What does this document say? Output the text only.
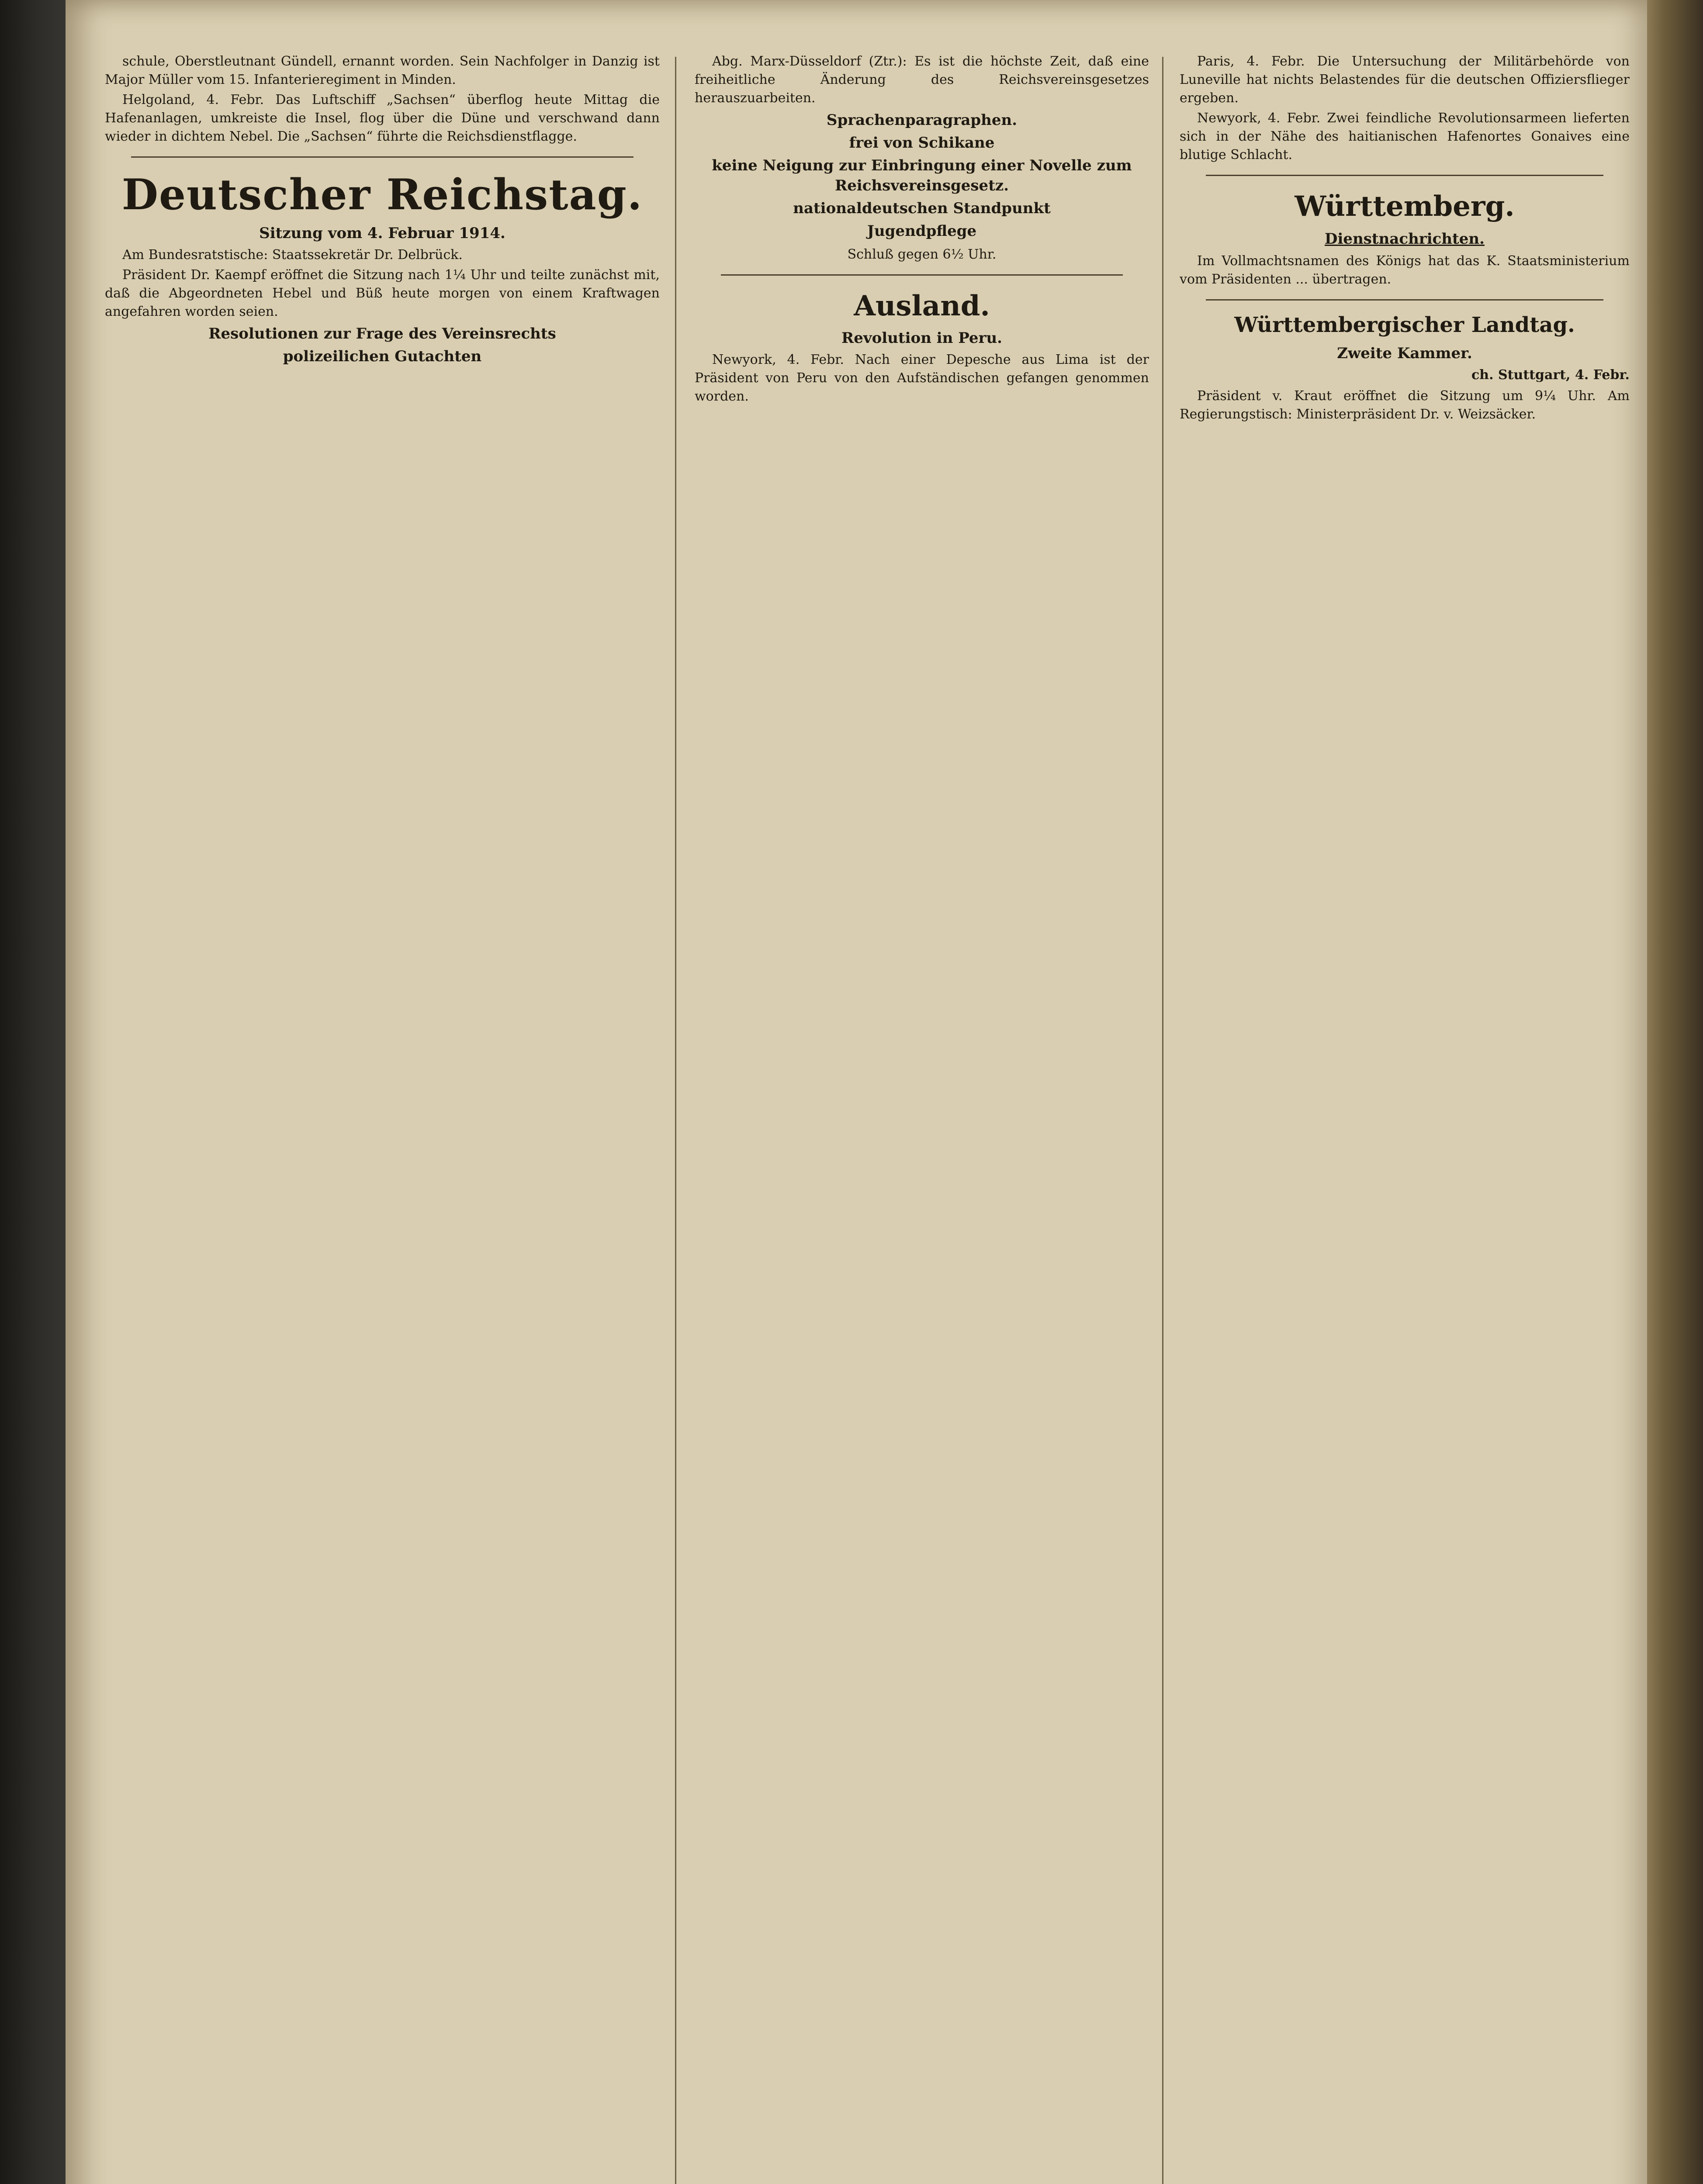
schule, Oberstleutnant Gündell, ernannt worden. Sein Nachfolger in Danzig ist Major Müller vom 15. Infanterieregiment in Minden.

Helgoland, 4. Febr. Das Luftschiff „Sachsen“ überflog heute Mittag die Hafenanlagen, umkreiste die Insel, flog über die Düne und verschwand dann wieder in dichtem Nebel. Die „Sachsen“ führte die Reichsdienstflagge.

Deutscher Reichstag.
Sitzung vom 4. Februar 1914.

Am Bundesratstische: Staatssekretär Dr. Delbrück.

Präsident Dr. Kaempf eröffnet die Sitzung nach 1¼ Uhr und teilte zunächst mit, daß die Abgeordneten Hebel und Büß heute morgen von einem Kraftwagen angefahren worden seien.

Resolutionen zur Frage des Vereinsrechts
polizeilichen Gutachten

Abg. Marx-Düsseldorf (Ztr.): Es ist die höchste Zeit, daß eine freiheitliche Änderung des Reichsvereinsgesetzes herauszuarbeiten.

Sprachenparagraphen.
frei von Schikane
keine Neigung zur Einbringung einer Novelle zum Reichsvereinsgesetz.
nationaldeutschen Standpunkt
Jugendpflege

Schluß gegen 6½ Uhr.

Ausland.
Revolution in Peru.

Newyork, 4. Febr. Nach einer Depesche aus Lima ist der Präsident von Peru von den Aufständischen gefangen genommen worden.

Paris, 4. Febr. Die Untersuchung der Militärbehörde von Luneville hat nichts Belastendes für die deutschen Offiziersflieger ergeben.

Newyork, 4. Febr. Zwei feindliche Revolutionsarmeen lieferten sich in der Nähe des haitianischen Hafenortes Gonaives eine blutige Schlacht.

Württemberg.
Dienstnachrichten.

Im Vollmachtsnamen des Königs hat das K. Staatsministerium vom Präsidenten ... übertragen.

Württembergischer Landtag.
Zweite Kammer.
ch. Stuttgart, 4. Febr.

Präsident v. Kraut eröffnet die Sitzung um 9¼ Uhr. Am Regierungstisch: Ministerpräsident Dr. v. Weizsäcker.
